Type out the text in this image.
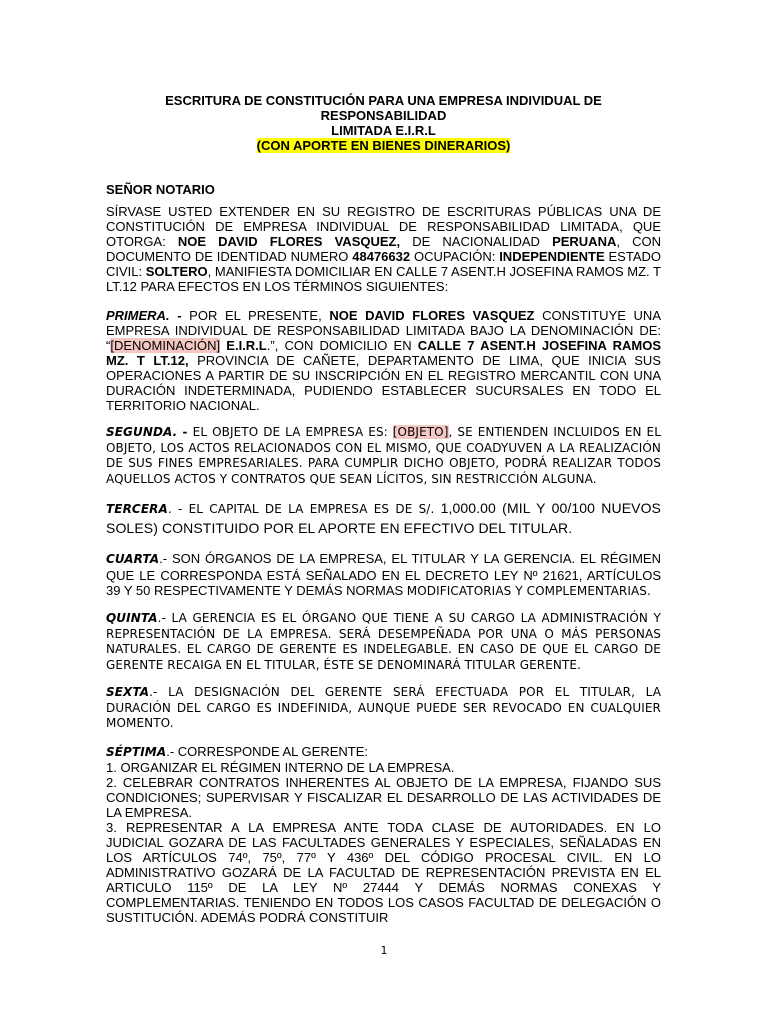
ESCRITURA DE CONSTITUCIÓN PARA UNA EMPRESA INDIVIDUAL DE RESPONSABILIDAD
LIMITADA E.I.R.L
(CON APORTE EN BIENES DINERARIOS)
SEÑOR NOTARIO

SÍRVASE USTED EXTENDER EN SU REGISTRO DE ESCRITURAS PÚBLICAS UNA DE CONSTITUCIÓN DE EMPRESA INDIVIDUAL DE RESPONSABILIDAD LIMITADA, QUE OTORGA: NOE DAVID FLORES VASQUEZ, DE NACIONALIDAD PERUANA, CON DOCUMENTO DE IDENTIDAD NUMERO 48476632 OCUPACIÓN: INDEPENDIENTE ESTADO CIVIL: SOLTERO, MANIFIESTA DOMICILIAR EN CALLE 7 ASENT.H JOSEFINA RAMOS MZ. T LT.12 PARA EFECTOS EN LOS TÉRMINOS SIGUIENTES:

PRIMERA. - POR EL PRESENTE, NOE DAVID FLORES VASQUEZ CONSTITUYE UNA EMPRESA INDIVIDUAL DE RESPONSABILIDAD LIMITADA BAJO LA DENOMINACIÓN DE: “[DENOMINACIÓN] E.I.R.L.”, CON DOMICILIO EN CALLE 7 ASENT.H JOSEFINA RAMOS MZ. T LT.12, PROVINCIA DE CAÑETE, DEPARTAMENTO DE LIMA, QUE INICIA SUS OPERACIONES A PARTIR DE SU INSCRIPCIÓN EN EL REGISTRO MERCANTIL CON UNA DURACIÓN INDETERMINADA, PUDIENDO ESTABLECER SUCURSALES EN TODO EL TERRITORIO NACIONAL.

SEGUNDA. - EL OBJETO DE LA EMPRESA ES: [OBJETO], SE ENTIENDEN INCLUIDOS EN EL OBJETO, LOS ACTOS RELACIONADOS CON EL MISMO, QUE COADYUVEN A LA REALIZACIÓN DE SUS FINES EMPRESARIALES. PARA CUMPLIR DICHO OBJETO, PODRÁ REALIZAR TODOS AQUELLOS ACTOS Y CONTRATOS QUE SEAN LÍCITOS, SIN RESTRICCIÓN ALGUNA.

TERCERA. - EL CAPITAL DE LA EMPRESA ES DE S/. 1,000.00 (MIL Y 00/100 NUEVOS SOLES) CONSTITUIDO POR EL APORTE EN EFECTIVO DEL TITULAR.

CUARTA.- SON ÓRGANOS DE LA EMPRESA, EL TITULAR Y LA GERENCIA. EL RÉGIMEN QUE LE CORRESPONDA ESTÁ SEÑALADO EN EL DECRETO LEY Nº 21621, ARTÍCULOS 39 Y 50 RESPECTIVAMENTE Y DEMÁS NORMAS MODIFICATORIAS Y COMPLEMENTARIAS.

QUINTA.- LA GERENCIA ES EL ÓRGANO QUE TIENE A SU CARGO LA ADMINISTRACIÓN Y REPRESENTACIÓN DE LA EMPRESA. SERÁ DESEMPEÑADA POR UNA O MÁS PERSONAS NATURALES. EL CARGO DE GERENTE ES INDELEGABLE. EN CASO DE QUE EL CARGO DE GERENTE RECAIGA EN EL TITULAR, ÉSTE SE DENOMINARÁ TITULAR GERENTE.

SEXTA.- LA DESIGNACIÓN DEL GERENTE SERÁ EFECTUADA POR EL TITULAR, LA DURACIÓN DEL CARGO ES INDEFINIDA, AUNQUE PUEDE SER REVOCADO EN CUALQUIER MOMENTO.

SÉPTIMA.- CORRESPONDE AL GERENTE:

1. ORGANIZAR EL RÉGIMEN INTERNO DE LA EMPRESA.

2. CELEBRAR CONTRATOS INHERENTES AL OBJETO DE LA EMPRESA, FIJANDO SUS CONDICIONES; SUPERVISAR Y FISCALIZAR EL DESARROLLO DE LAS ACTIVIDADES DE LA EMPRESA.

3. REPRESENTAR A LA EMPRESA ANTE TODA CLASE DE AUTORIDADES. EN LO JUDICIAL GOZARA DE LAS FACULTADES GENERALES Y ESPECIALES, SEÑALADAS EN LOS ARTÍCULOS 74º, 75º, 77º Y 436º DEL CÓDIGO PROCESAL CIVIL. EN LO ADMINISTRATIVO GOZARÁ DE LA FACULTAD DE REPRESENTACIÓN PREVISTA EN EL ARTICULO 115º DE LA LEY Nº 27444 Y DEMÁS NORMAS CONEXAS Y COMPLEMENTARIAS. TENIENDO EN TODOS LOS CASOS FACULTAD DE DELEGACIÓN O SUSTITUCIÓN. ADEMÁS PODRÁ CONSTITUIR

1
